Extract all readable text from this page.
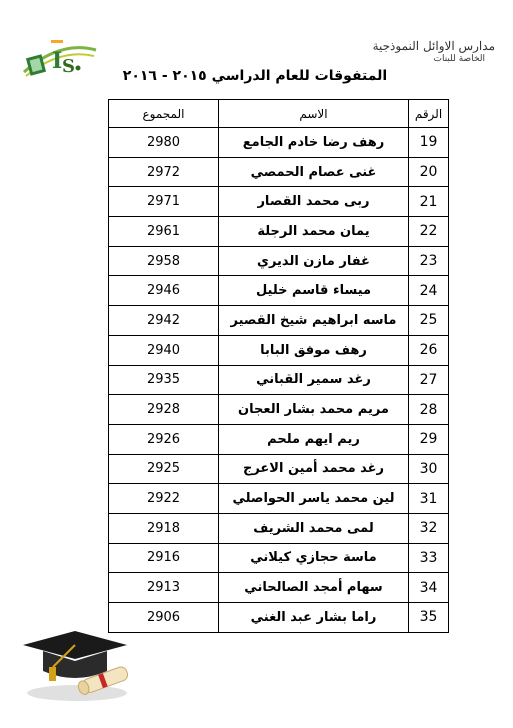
I S
مدارس الاوائل النموذجية
الخاصة للبنات
المتفوقات للعام الدراسي ٢٠١٥ - ٢٠١٦
الرقم	الاسم	المجموع
19	رهف رضا خادم الجامع	2980
20	غنى عصام الحمصي	2972
21	ربى محمد القصار	2971
22	يمان محمد الرجلة	2961
23	غفار مازن الديري	2958
24	ميساء قاسم خليل	2946
25	ماسه ابراهيم شيخ القصير	2942
26	رهف موفق البابا	2940
27	رغد سمير القباني	2935
28	مريم محمد بشار العجان	2928
29	ريم ايهم ملحم	2926
30	رغد محمد أمين الاعرج	2925
31	لين محمد ياسر الحواصلي	2922
32	لمى محمد الشريف	2918
33	ماسة حجازي كيلاني	2916
34	سهام أمجد الصالحاني	2913
35	راما بشار عبد الغني	2906
